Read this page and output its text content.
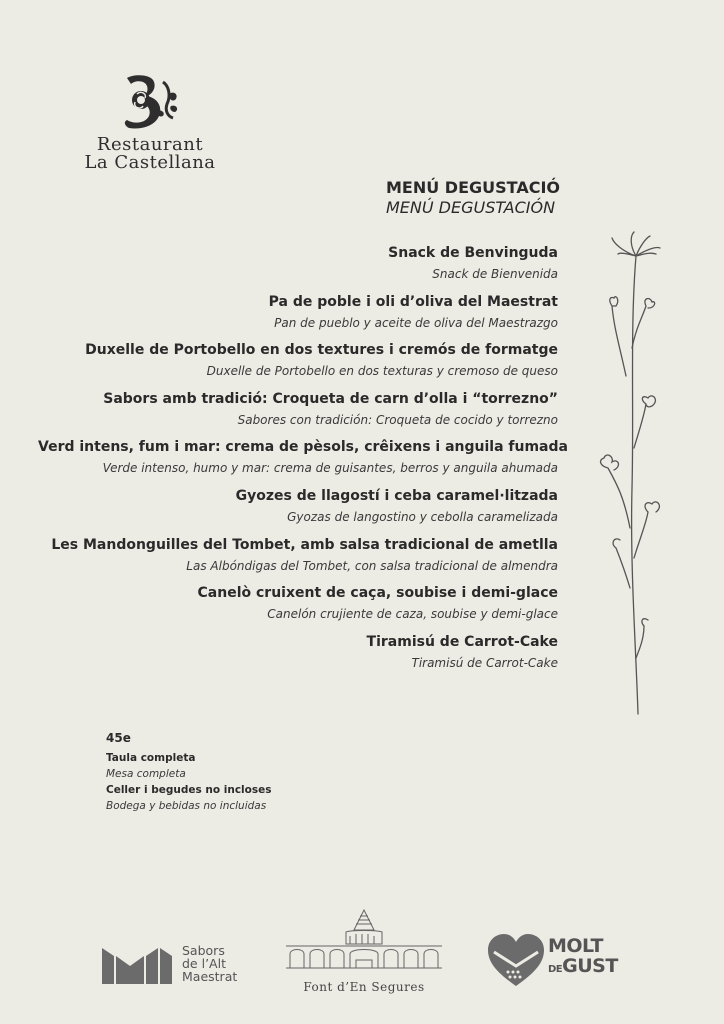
Restaurant
La Castellana
MENÚ DEGUSTACIÓ
MENÚ DEGUSTACIÓN
Snack de Benvinguda
Snack de Bienvenida
Pa de poble i oli d’oliva del Maestrat
Pan de pueblo y aceite de oliva del Maestrazgo
Duxelle de Portobello en dos textures i cremós de formatge
Duxelle de Portobello en dos texturas y cremoso de queso
Sabors amb tradició: Croqueta de carn d’olla i “torrezno”
Sabores con tradición: Croqueta de cocido y torrezno
Verd intens, fum i mar: crema de pèsols, crêixens i anguila fumada
Verde intenso, humo y mar: crema de guisantes, berros y anguila ahumada
Gyozes de llagostí i ceba caramel·litzada
Gyozas de langostino y cebolla caramelizada
Les Mandonguilles del Tombet, amb salsa tradicional de ametlla
Las Albóndigas del Tombet, con salsa tradicional de almendra
Canelò cruixent de caça, soubise i demi-glace
Canelón crujiente de caza, soubise y demi-glace
Tiramisú de Carrot-Cake
Tiramisú de Carrot-Cake
45e
Taula completa
Mesa completa
Celler i begudes no incloses
Bodega y bebidas no incluidas
Sabors
de l’Alt
Maestrat
Font d’En Segures
MOLT
DEGUST
